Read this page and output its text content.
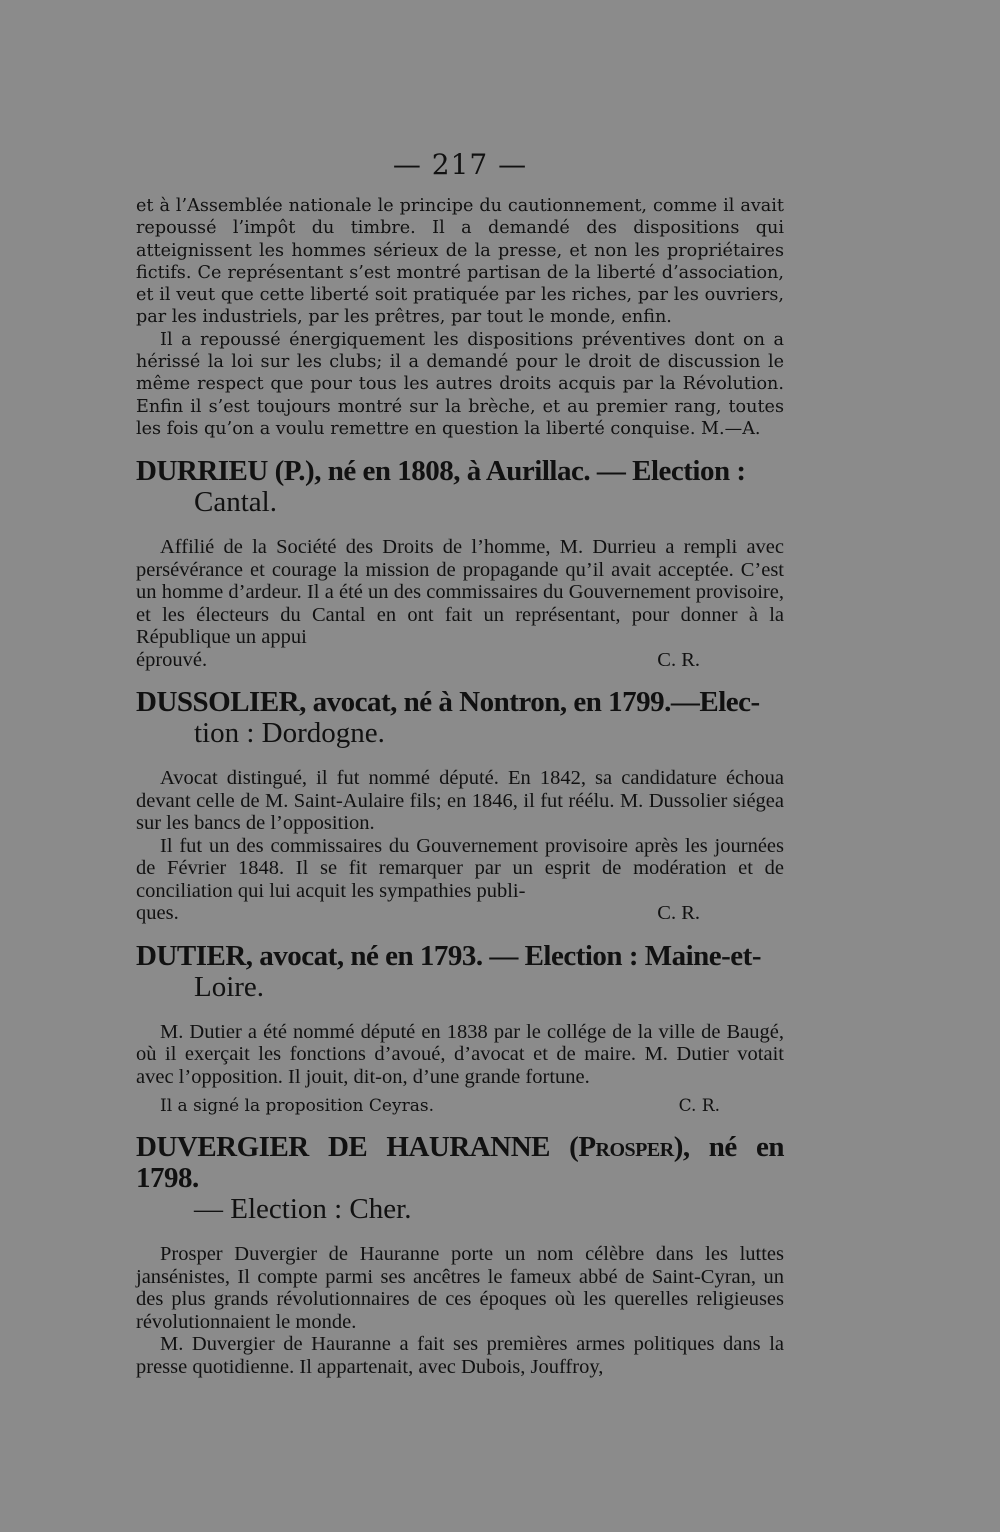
— 217 —

et à l’Assemblée nationale le principe du cautionnement, comme il avait repoussé l’impôt du timbre. Il a demandé des dispositions qui atteignissent les hommes sérieux de la presse, et non les propriétaires fictifs. Ce représentant s’est montré partisan de la liberté d’association, et il veut que cette liberté soit pratiquée par les riches, par les ouvriers, par les industriels, par les prêtres, par tout le monde, enfin.

Il a repoussé énergiquement les dispositions préventives dont on a hérissé la loi sur les clubs; il a demandé pour le droit de discussion le même respect que pour tous les autres droits acquis par la Révolution. Enfin il s’est toujours montré sur la brèche, et au premier rang, toutes les fois qu’on a voulu remettre en question la liberté conquise. M.—A.

DURRIEU (P.), né en 1808, à Aurillac. — Election :
Cantal.

Affilié de la Société des Droits de l’homme, M. Durrieu a rempli avec persévérance et courage la mission de propagande qu’il avait acceptée. C’est un homme d’ardeur. Il a été un des commissaires du Gouvernement provisoire, et les électeurs du Cantal en ont fait un représentant, pour donner à la République un appui

éprouvé.	C. R.

DUSSOLIER, avocat, né à Nontron, en 1799.—Elec-
tion : Dordogne.

Avocat distingué, il fut nommé député. En 1842, sa candidature échoua devant celle de M. Saint-Aulaire fils; en 1846, il fut réélu. M. Dussolier siégea sur les bancs de l’opposition.

Il fut un des commissaires du Gouvernement provisoire après les journées de Février 1848. Il se fit remarquer par un esprit de modération et de conciliation qui lui acquit les sympathies publi-

ques.	C. R.

DUTIER, avocat, né en 1793. — Election : Maine-et-
Loire.

M. Dutier a été nommé député en 1838 par le collége de la ville de Baugé, où il exerçait les fonctions d’avoué, d’avocat et de maire. M. Dutier votait avec l’opposition. Il jouit, dit-on, d’une grande fortune.

Il a signé la proposition Ceyras.	C. R.
DUVERGIER DE HAURANNE (Prosper), né en 1798.
— Election : Cher.

Prosper Duvergier de Hauranne porte un nom célèbre dans les luttes jansénistes, Il compte parmi ses ancêtres le fameux abbé de Saint-Cyran, un des plus grands révolutionnaires de ces époques où les querelles religieuses révolutionnaient le monde.

M. Duvergier de Hauranne a fait ses premières armes politiques dans la presse quotidienne. Il appartenait, avec Dubois, Jouffroy,
